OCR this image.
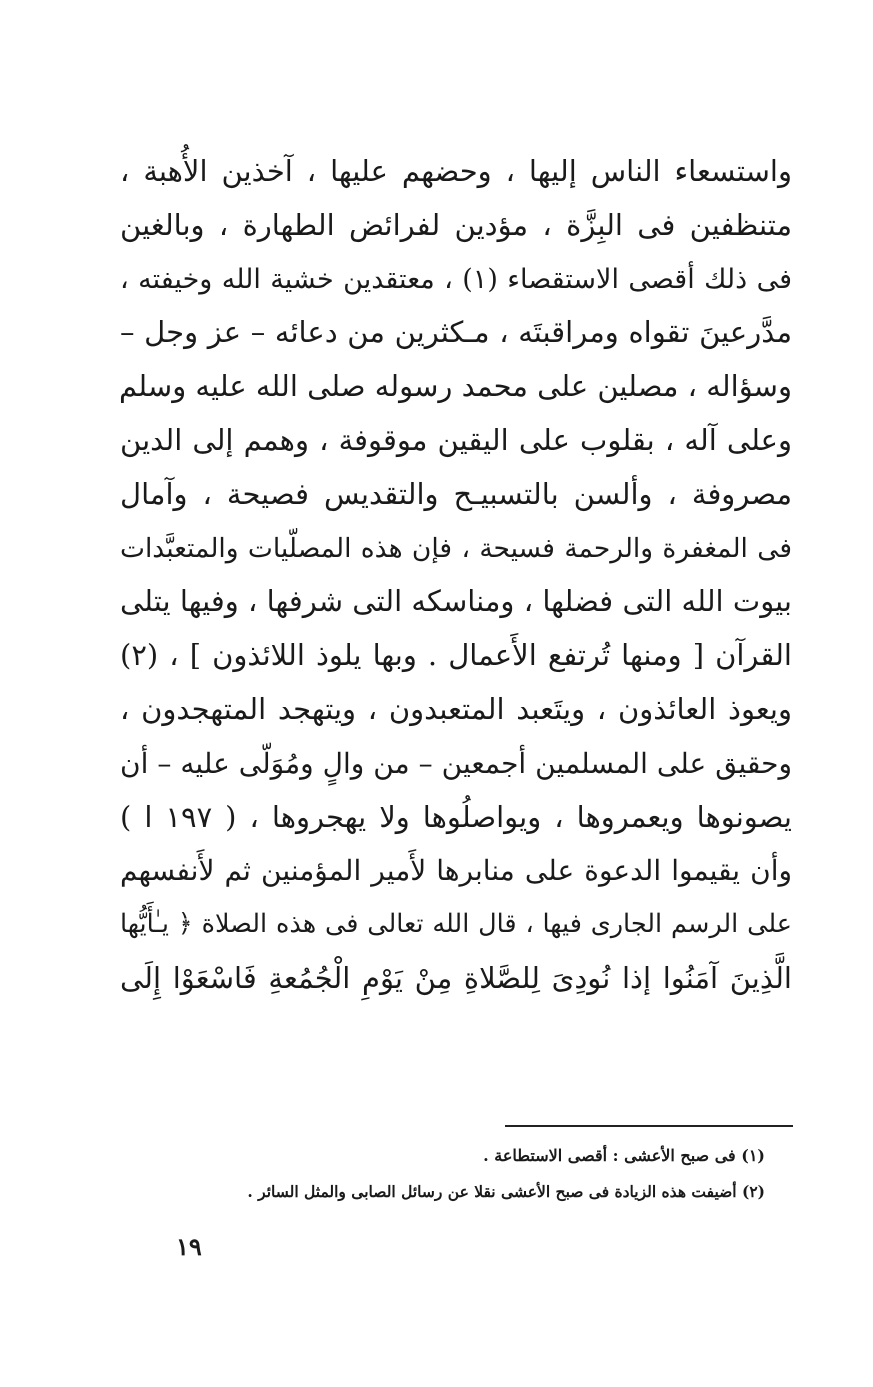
واستسعاء الناس إليها ، وحضهم عليها ، آخذين الأُهبة ،
متنظفين فى البِزَّة ، مؤدين لفرائض الطهارة ، وبالغين
فى ذلك أقصى الاستقصاء (١) ، معتقدين خشية الله وخيفته ،
مدَّرعينَ تقواه ومراقبتَه ، مـكثرين من دعائه – عز وجل –
وسؤاله ، مصلين على محمد رسوله صلى الله عليه وسلم
وعلى آله ، بقلوب على اليقين موقوفة ، وهمم إلى الدين
مصروفة ، وألسن بالتسبيـح والتقديس فصيحة ، وآمال
فى المغفرة والرحمة فسيحة ، فإن هذه المصلّيات والمتعبَّدات
بيوت الله التى فضلها ، ومناسكه التى شرفها ، وفيها يتلى
القرآن [ ومنها تُرتفع الأَعمال . وبها يلوذ اللائذون ] ، (٢)
ويعوذ العائذون ، ويتَعبد المتعبدون ، ويتهجد المتهجدون ،
وحقيق على المسلمين أجمعين – من والٍ ومُوَلّى عليه – أن
يصونوها ويعمروها ، ويواصلُوها ولا يهجروها ، ( ١٩٧ ا )
وأن يقيموا الدعوة على منابرها لأَمير المؤمنين ثم لأَنفسهم
على الرسم الجارى فيها ، قال الله تعالى فى هذه الصلاة ﴿ يـٰأَيُّها
الَّذِينَ آمَنُوا إذا نُودِىَ لِلصَّلاةِ مِنْ يَوْمِ الْجُمُعةِ فَاسْعَوْا إِلَى
(١) فى صبح الأعشى : أقصى الاستطاعة .
(٢) أضيفت هذه الزيادة فى صبح الأعشى نقلا عن رسائل الصابى والمثل السائر .
١٩
